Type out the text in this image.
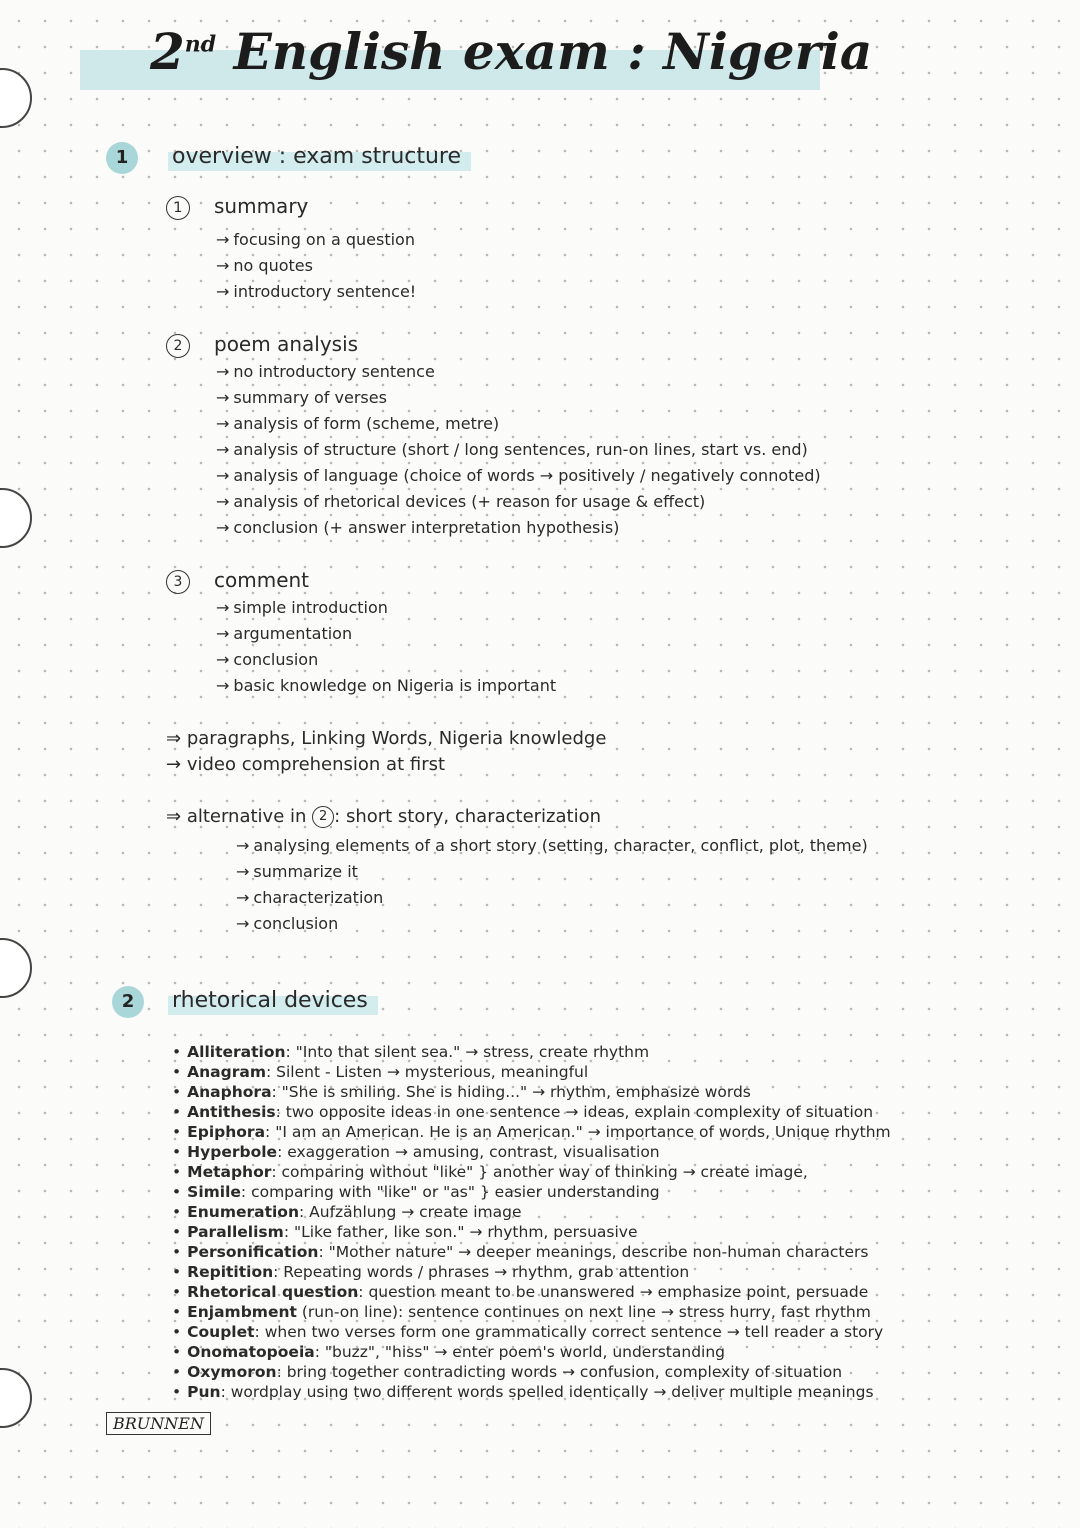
2nd English exam : Nigeria
1	overview : exam structure
1	summary
→ focusing on a question
→ no quotes
→ introductory sentence!
2	poem analysis
→ no introductory sentence
→ summary of verses
→ analysis of form (scheme, metre)
→ analysis of structure (short / long sentences, run-on lines, start vs. end)
→ analysis of language (choice of words → positively / negatively connoted)
→ analysis of rhetorical devices (+ reason for usage & effect)
→ conclusion (+ answer interpretation hypothesis)
3	comment
→ simple introduction
→ argumentation
→ conclusion
→ basic knowledge on Nigeria is important
⇒ paragraphs, Linking Words, Nigeria knowledge
→ video comprehension at first
⇒ alternative in 2 : short story, characterization
→ analysing elements of a short story (setting, character, conflict, plot, theme)
→ summarize it
→ characterization
→ conclusion
2	rhetorical devices
• Alliteration: "Into that silent sea." → stress, create rhythm
• Anagram: Silent - Listen → mysterious, meaningful
• Anaphora: "She is smiling. She is hiding..." → rhythm, emphasize words
• Antithesis: two opposite ideas in one sentence → ideas, explain complexity of situation
• Epiphora: "I am an American. He is an American." → importance of words, Unique rhythm
• Hyperbole: exaggeration → amusing, contrast, visualisation
• Metaphor: comparing without "like" } another way of thinking → create image,
• Simile: comparing with "like" or "as" } easier understanding
• Enumeration: Aufzählung → create image
• Parallelism: "Like father, like son." → rhythm, persuasive
• Personification: "Mother nature" → deeper meanings, describe non-human characters
• Repitition: Repeating words / phrases → rhythm, grab attention
• Rhetorical question: question meant to be unanswered → emphasize point, persuade
• Enjambment (run-on line): sentence continues on next line → stress hurry, fast rhythm
• Couplet: when two verses form one grammatically correct sentence → tell reader a story
• Onomatopoeia: "buzz", "hiss" → enter poem's world, understanding
• Oxymoron: bring together contradicting words → confusion, complexity of situation
• Pun: wordplay using two different words spelled identically → deliver multiple meanings
BRUNNEN
